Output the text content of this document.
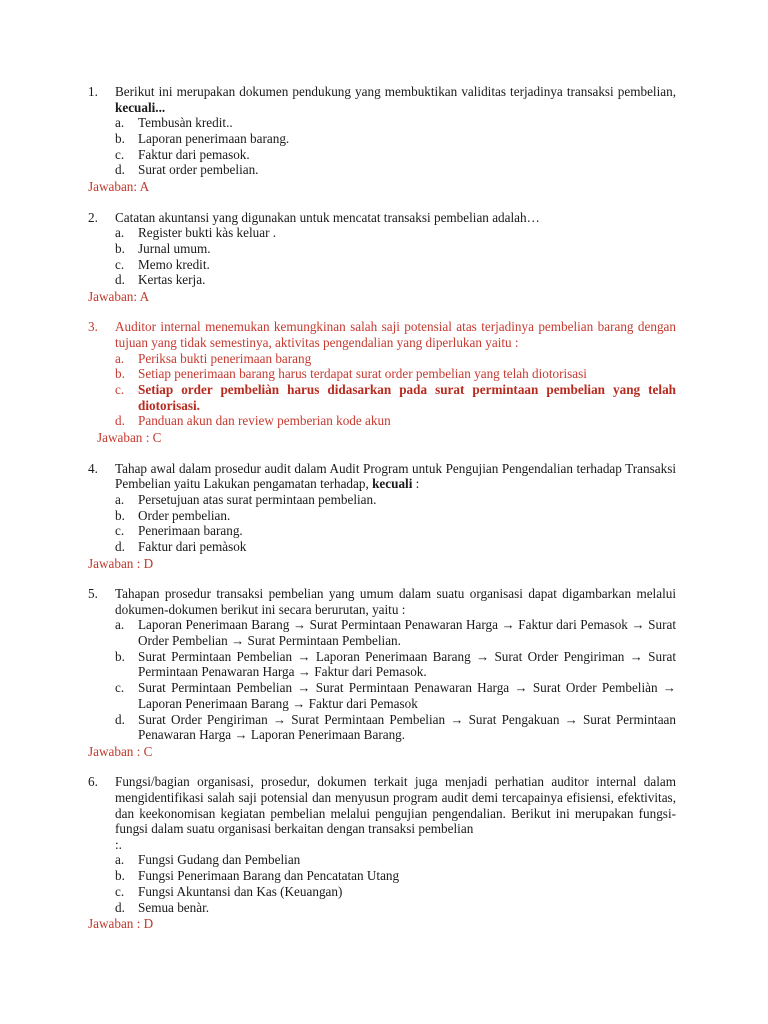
1.	Berikut ini merupakan dokumen pendukung yang membuktikan validitas terjadinya transaksi pembelian, kecuali...
a.	Tembusàn kredit..
b. Laporan penerimaan barang.
c.	Faktur dari pemasok.
d. Surat order pembelian.
Jawaban: A
2.	Catatan akuntansi yang digunakan untuk mencatat transaksi pembelian adalah…
a.	Register bukti kàs keluar .
b. Jurnal umum.
c.	Memo kredit.
d. Kertas kerja.
Jawaban: A
3.	Auditor internal menemukan kemungkinan salah saji potensial atas terjadinya pembelian barang dengan tujuan yang tidak semestinya, aktivitas pengendalian yang diperlukan yaitu :
a.	Periksa bukti penerimaan barang
b. Setiap penerimaan barang harus terdapat surat order pembelian yang telah diotorisasi
c.	Setiap order pembeliàn harus didasarkan pada surat permintaan pembelian yang telah diotorisasi.
d. Panduan akun dan review pemberian kode akun
Jawaban : C
4.	Tahap awal dalam prosedur audit dalam Audit Program untuk Pengujian Pengendalian terhadap Transaksi Pembelian yaitu Lakukan pengamatan terhadap, kecuali :
a.	Persetujuan atas surat permintaan pembelian.
b. Order pembelian.
c.	Penerimaan barang.
d. Faktur dari pemàsok
Jawaban : D
5.	Tahapan prosedur transaksi pembelian yang umum dalam suatu organisasi dapat digambarkan melalui dokumen-dokumen berikut ini secara berurutan, yaitu :
a.	Laporan Penerimaan Barang → Surat Permintaan Penawaran Harga → Faktur dari Pemasok → Surat Order Pembelian → Surat Permintaan Pembelian.
b. Surat Permintaan Pembelian → Laporan Penerimaan Barang → Surat Order Pengiriman → Surat Permintaan Penawaran Harga → Faktur dari Pemasok.
c.	Surat Permintaan Pembelian → Surat Permintaan Penawaran Harga → Surat Order Pembeliàn → Laporan Penerimaan Barang → Faktur dari Pemasok
d. Surat Order Pengiriman → Surat Permintaan Pembelian → Surat Pengakuan → Surat Permintaan Penawaran Harga → Laporan Penerimaan Barang.
Jawaban : C
6.	Fungsi/bagian organisasi, prosedur, dokumen terkait juga menjadi perhatian auditor internal dalam mengidentifikasi salah saji potensial dan menyusun program audit demi tercapainya efisiensi, efektivitas, dan keekonomisan kegiatan pembelian melalui pengujian pengendalian. Berikut ini merupakan fungsi-fungsi dalam suatu organisasi berkaitan dengan transaksi pembelian
:.
a.	Fungsi Gudang dan Pembelian
b. Fungsi Penerimaan Barang dan Pencatatan Utang
c.	Fungsi Akuntansi dan Kas (Keuangan)
d. Semua benàr.
Jawaban : D
